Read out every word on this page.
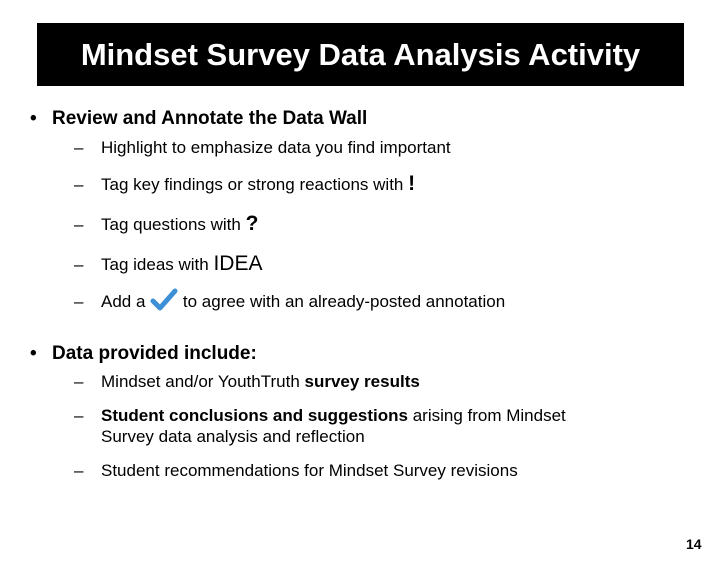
Mindset Survey Data Analysis Activity
• Review and Annotate the Data Wall
– Highlight to emphasize data you find important
– Tag key findings or strong reactions with !
– Tag questions with ?
– Tag ideas with IDEA
– Add a  to agree with an already-posted annotation
• Data provided include:
– Mindset and/or YouthTruth survey results
– Student conclusions and suggestions arising from Mindset
Survey data analysis and reflection
– Student recommendations for Mindset Survey revisions
14
